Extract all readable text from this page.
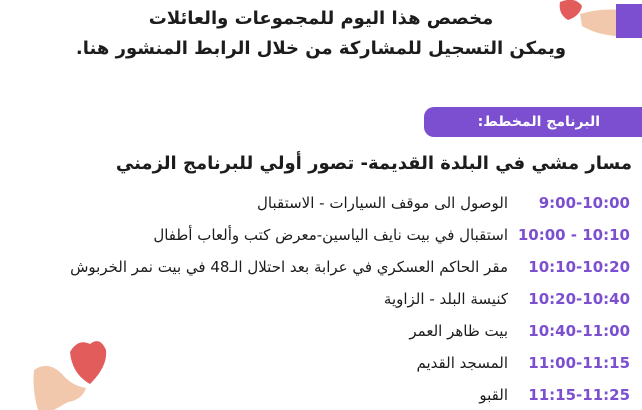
مخصص هذا اليوم للمجموعات والعائلات
ويمكن التسجيل للمشاركة من خلال الرابط المنشور هنا.
البرنامج المخطط:
مسار مشي في البلدة القديمة- تصور أولي للبرنامج الزمني
9:00-10:00
الوصول الى موقف السيارات - الاستقبال
10:00 - 10:10
استقبال في بيت نايف الياسين-معرض كتب وألعاب أطفال
10:10-10:20
مقر الحاكم العسكري في عرابة بعد احتلال الـ48 في بيت نمر الخربوش
10:20-10:40
كنيسة البلد - الزاوية
10:40-11:00
بيت ظاهر العمر
11:00-11:15
المسجد القديم
11:15-11:25
القبو
